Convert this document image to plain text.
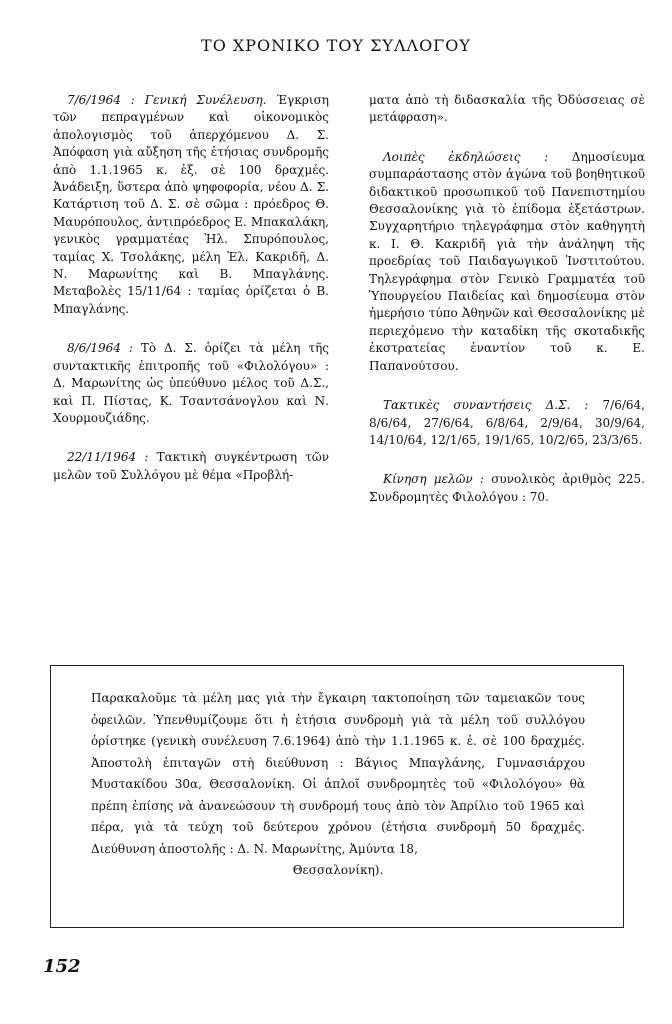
ΤΟ ΧΡΟΝΙΚΟ ΤΟΥ ΣΥΛΛΟΓΟΥ

7/6/1964 : Γενική Συνέλευση. Έγκριση τῶν πεπραγμένων καὶ οἰκονομικὸς ἀπολογισμὸς τοῦ ἀπερχόμενου Δ. Σ. Ἀπόφαση γιὰ αὔξηση τῆς ἐτήσιας συνδρομῆς ἀπὸ 1.1.1965 κ. ἑξ. σὲ 100 δραχμές. Ἀνάδειξη, ὕστερα ἀπὸ ψηφοφορία, νέου Δ. Σ. Κατάρτιση τοῦ Δ. Σ. σὲ σῶμα : πρόεδρος Θ. Μαυρόπουλος, ἀντιπρόεδρος Ε. Μπακαλάκη, γενικὸς γραμματέας Ἠλ. Σπυρόπουλος, ταμίας Χ. Τσολάκης, μέλη Ἐλ. Κακριδῆ, Δ. Ν. Μαρωνίτης καὶ Β. Μπαγλάνης. Μεταβολὲς 15/11/64 : ταμίας ὁρίζεται ὁ Β. Μπαγλάνης.

8/6/1964 : Τὸ Δ. Σ. ὁρίζει τὰ μέλη τῆς συντακτικῆς ἐπιτροπῆς τοῦ «Φιλολόγου» : Δ. Μαρωνίτης ὡς ὑπεύθυνο μέλος τοῦ Δ.Σ., καὶ Π. Πίστας, Κ. Τσαντσάνογλου καὶ Ν. Χουρμουζιάδης.

22/11/1964 : Τακτικὴ συγκέντρωση τῶν μελῶν τοῦ Συλλόγου μὲ θέμα «Προβλή-

ματα ἀπὸ τὴ διδασκαλία τῆς Ὀδύσσειας σὲ μετάφραση».

Λοιπὲς ἐκδηλώσεις : Δημοσίευμα συμπαράστασης στὸν ἀγώνα τοῦ βοηθητικοῦ διδακτικοῦ προσωπικοῦ τοῦ Πανεπιστημίου Θεσσαλονίκης γιὰ τὸ ἐπίδομα ἐξετάστρων. Συγχαρητήριο τηλεγράφημα στὸν καθηγητὴ κ. Ι. Θ. Κακριδῆ γιὰ τὴν ἀνάληψη τῆς προεδρίας τοῦ Παιδαγωγικοῦ Ἰνστιτούτου. Τηλεγράφημα στὸν Γενικὸ Γραμματέα τοῦ Ὑπουργείου Παιδείας καὶ δημοσίευμα στὸν ἡμερήσιο τύπο Ἀθηνῶν καὶ Θεσσαλονίκης μὲ περιεχόμενο τὴν καταδίκη τῆς σκοταδικῆς ἐκστρατείας ἐναντίον τοῦ κ. Ε. Παπανούτσου.

Τακτικὲς συναντήσεις Δ.Σ. : 7/6/64, 8/6/64, 27/6/64, 6/8/64, 2/9/64, 30/9/64, 14/10/64, 12/1/65, 19/1/65, 10/2/65, 23/3/65.

Κίνηση μελῶν : συνολικὸς ἀριθμὸς 225. Συνδρομητὲς Φιλολόγου : 70.

Παρακαλοῦμε τὰ μέλη μας γιὰ τὴν ἔγκαιρη τακτοποίηση τῶν ταμειακῶν τους ὀφειλῶν. Ὑπενθυμίζουμε ὅτι ἡ ἐτήσια συνδρομὴ γιὰ τὰ μέλη τοῦ συλλόγου ὁρίστηκε (γενικὴ συνέλευση 7.6.1964) ἀπὸ τὴν 1.1.1965 κ. ἑ. σὲ 100 δραχμές. Ἀποστολὴ ἐπιταγῶν στὴ διεύθυνση : Βάγιος Μπαγλάνης, Γυμνασιάρχου Μυστακίδου 30α, Θεσσαλονίκη. Οἱ ἁπλοῖ συνδρομητὲς τοῦ «Φιλολόγου» θὰ πρέπη ἐπίσης νὰ ἀνανεώσουν τὴ συνδρομή τους ἀπὸ τὸν Ἀπρίλιο τοῦ 1965 καὶ πέρα, γιὰ τὰ τεύχη τοῦ δεύτερου χρόνου (ἐτήσια συνδρομὴ 50 δραχμές. Διεύθυνση ἀποστολῆς : Δ. Ν. Μαρωνίτης, Ἀμύντα 18,
Θεσσαλονίκη).
152
